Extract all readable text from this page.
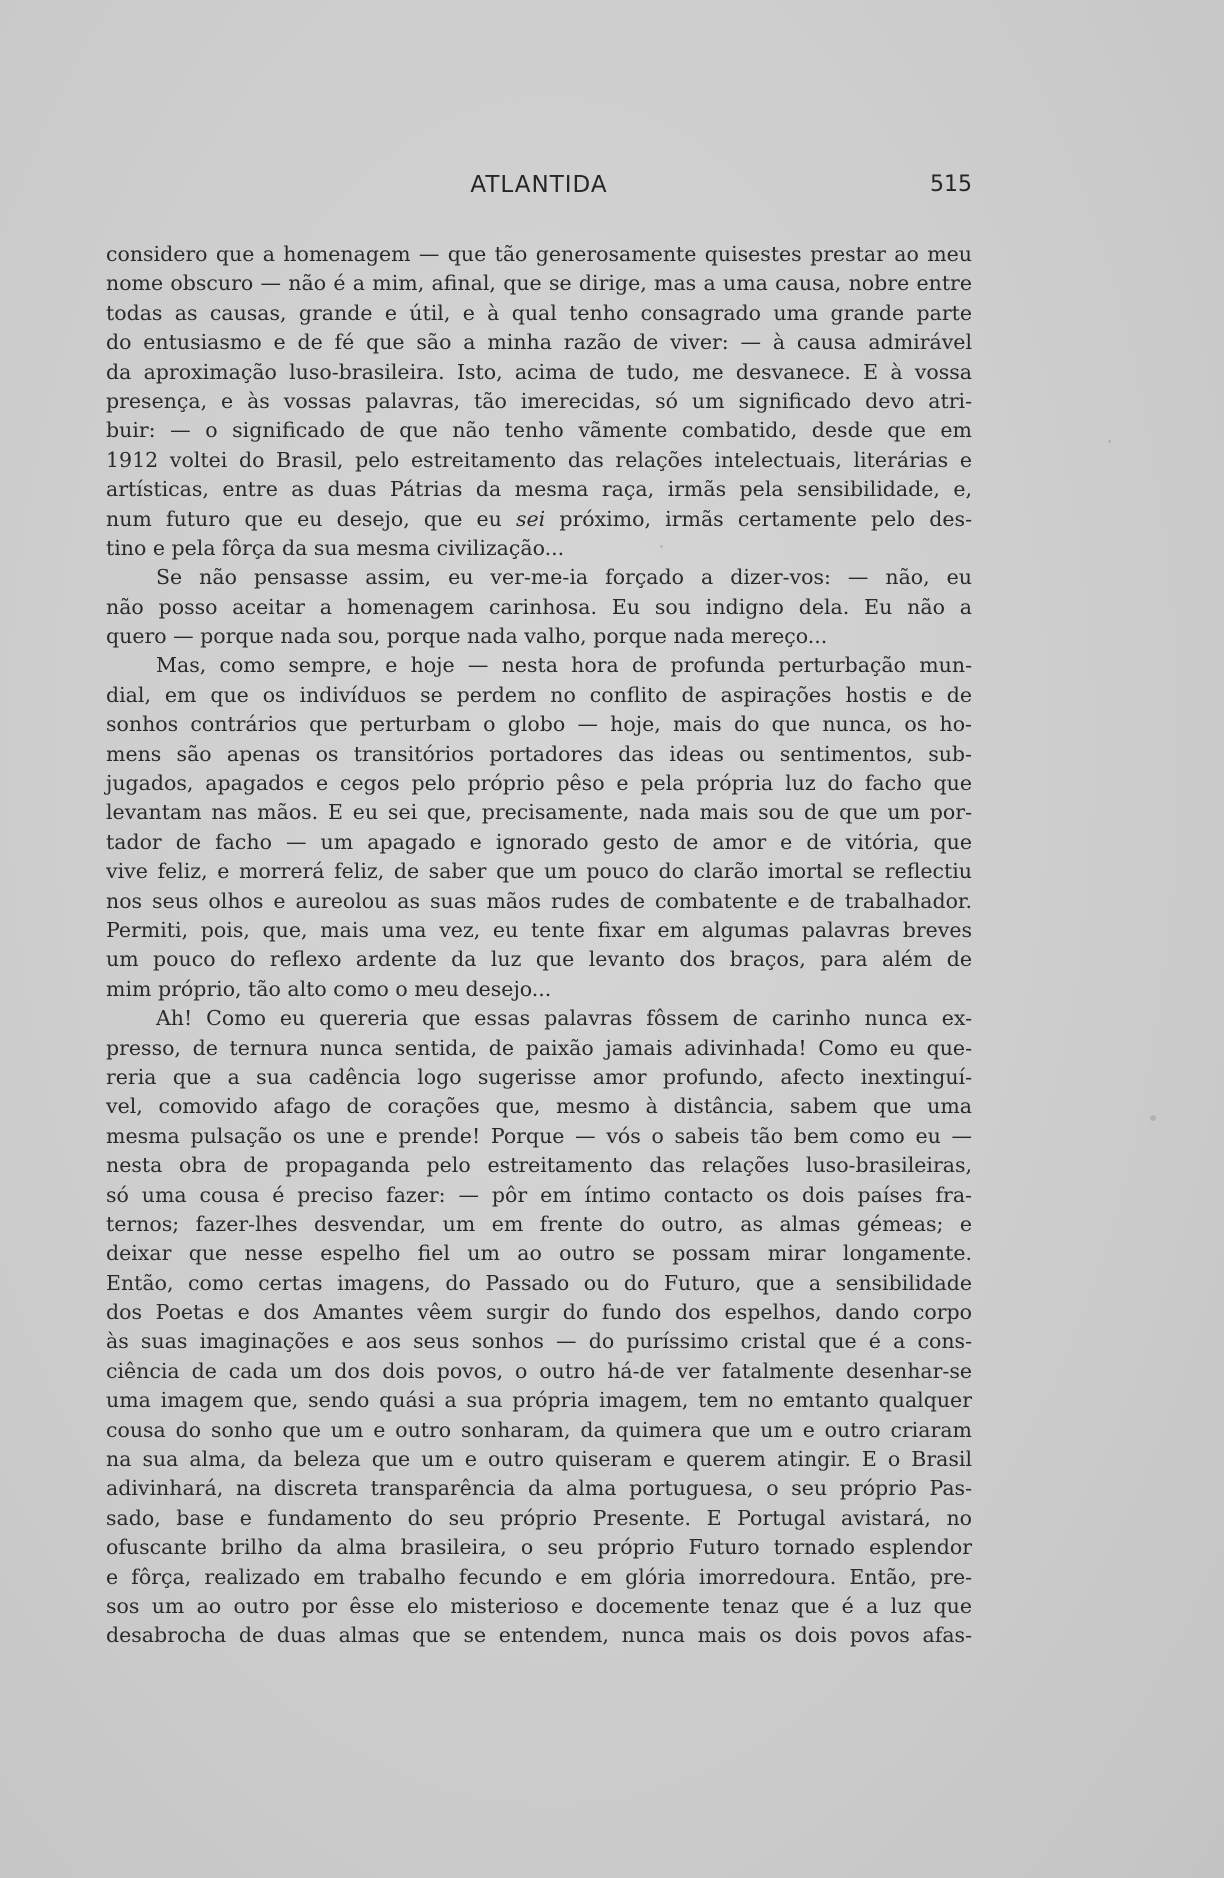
ATLANTIDA	515
considero que a homenagem — que tão generosamente quisestes prestar ao meu
nome obscuro — não é a mim, afinal, que se dirige, mas a uma causa, nobre entre
todas as causas, grande e útil, e à qual tenho consagrado uma grande parte
do entusiasmo e de fé que são a minha razão de viver: — à causa admirável
da aproximação luso-brasileira. Isto, acima de tudo, me desvanece. E à vossa
presença, e às vossas palavras, tão imerecidas, só um significado devo atri-
buir: — o significado de que não tenho vãmente combatido, desde que em
1912 voltei do Brasil, pelo estreitamento das relações intelectuais, literárias e
artísticas, entre as duas Pátrias da mesma raça, irmãs pela sensibilidade, e,
num futuro que eu desejo, que eu sei próximo, irmãs certamente pelo des-
tino e pela fôrça da sua mesma civilização...
Se não pensasse assim, eu ver-me-ia forçado a dizer-vos: — não, eu
não posso aceitar a homenagem carinhosa. Eu sou indigno dela. Eu não a
quero — porque nada sou, porque nada valho, porque nada mereço...
Mas, como sempre, e hoje — nesta hora de profunda perturbação mun-
dial, em que os indivíduos se perdem no conflito de aspirações hostis e de
sonhos contrários que perturbam o globo — hoje, mais do que nunca, os ho-
mens são apenas os transitórios portadores das ideas ou sentimentos, sub-
jugados, apagados e cegos pelo próprio pêso e pela própria luz do facho que
levantam nas mãos. E eu sei que, precisamente, nada mais sou de que um por-
tador de facho — um apagado e ignorado gesto de amor e de vitória, que
vive feliz, e morrerá feliz, de saber que um pouco do clarão imortal se reflectiu
nos seus olhos e aureolou as suas mãos rudes de combatente e de trabalhador.
Permiti, pois, que, mais uma vez, eu tente fixar em algumas palavras breves
um pouco do reflexo ardente da luz que levanto dos braços, para além de
mim próprio, tão alto como o meu desejo...
Ah! Como eu quereria que essas palavras fôssem de carinho nunca ex-
presso, de ternura nunca sentida, de paixão jamais adivinhada! Como eu que-
reria que a sua cadência logo sugerisse amor profundo, afecto inextinguí-
vel, comovido afago de corações que, mesmo à distância, sabem que uma
mesma pulsação os une e prende! Porque — vós o sabeis tão bem como eu —
nesta obra de propaganda pelo estreitamento das relações luso-brasileiras,
só uma cousa é preciso fazer: — pôr em íntimo contacto os dois países fra-
ternos; fazer-lhes desvendar, um em frente do outro, as almas gémeas; e
deixar que nesse espelho fiel um ao outro se possam mirar longamente.
Então, como certas imagens, do Passado ou do Futuro, que a sensibilidade
dos Poetas e dos Amantes vêem surgir do fundo dos espelhos, dando corpo
às suas imaginações e aos seus sonhos — do puríssimo cristal que é a cons-
ciência de cada um dos dois povos, o outro há-de ver fatalmente desenhar-se
uma imagem que, sendo quási a sua própria imagem, tem no emtanto qualquer
cousa do sonho que um e outro sonharam, da quimera que um e outro criaram
na sua alma, da beleza que um e outro quiseram e querem atingir. E o Brasil
adivinhará, na discreta transparência da alma portuguesa, o seu próprio Pas-
sado, base e fundamento do seu próprio Presente. E Portugal avistará, no
ofuscante brilho da alma brasileira, o seu próprio Futuro tornado esplendor
e fôrça, realizado em trabalho fecundo e em glória imorredoura. Então, pre-
sos um ao outro por êsse elo misterioso e docemente tenaz que é a luz que
desabrocha de duas almas que se entendem, nunca mais os dois povos afas-
